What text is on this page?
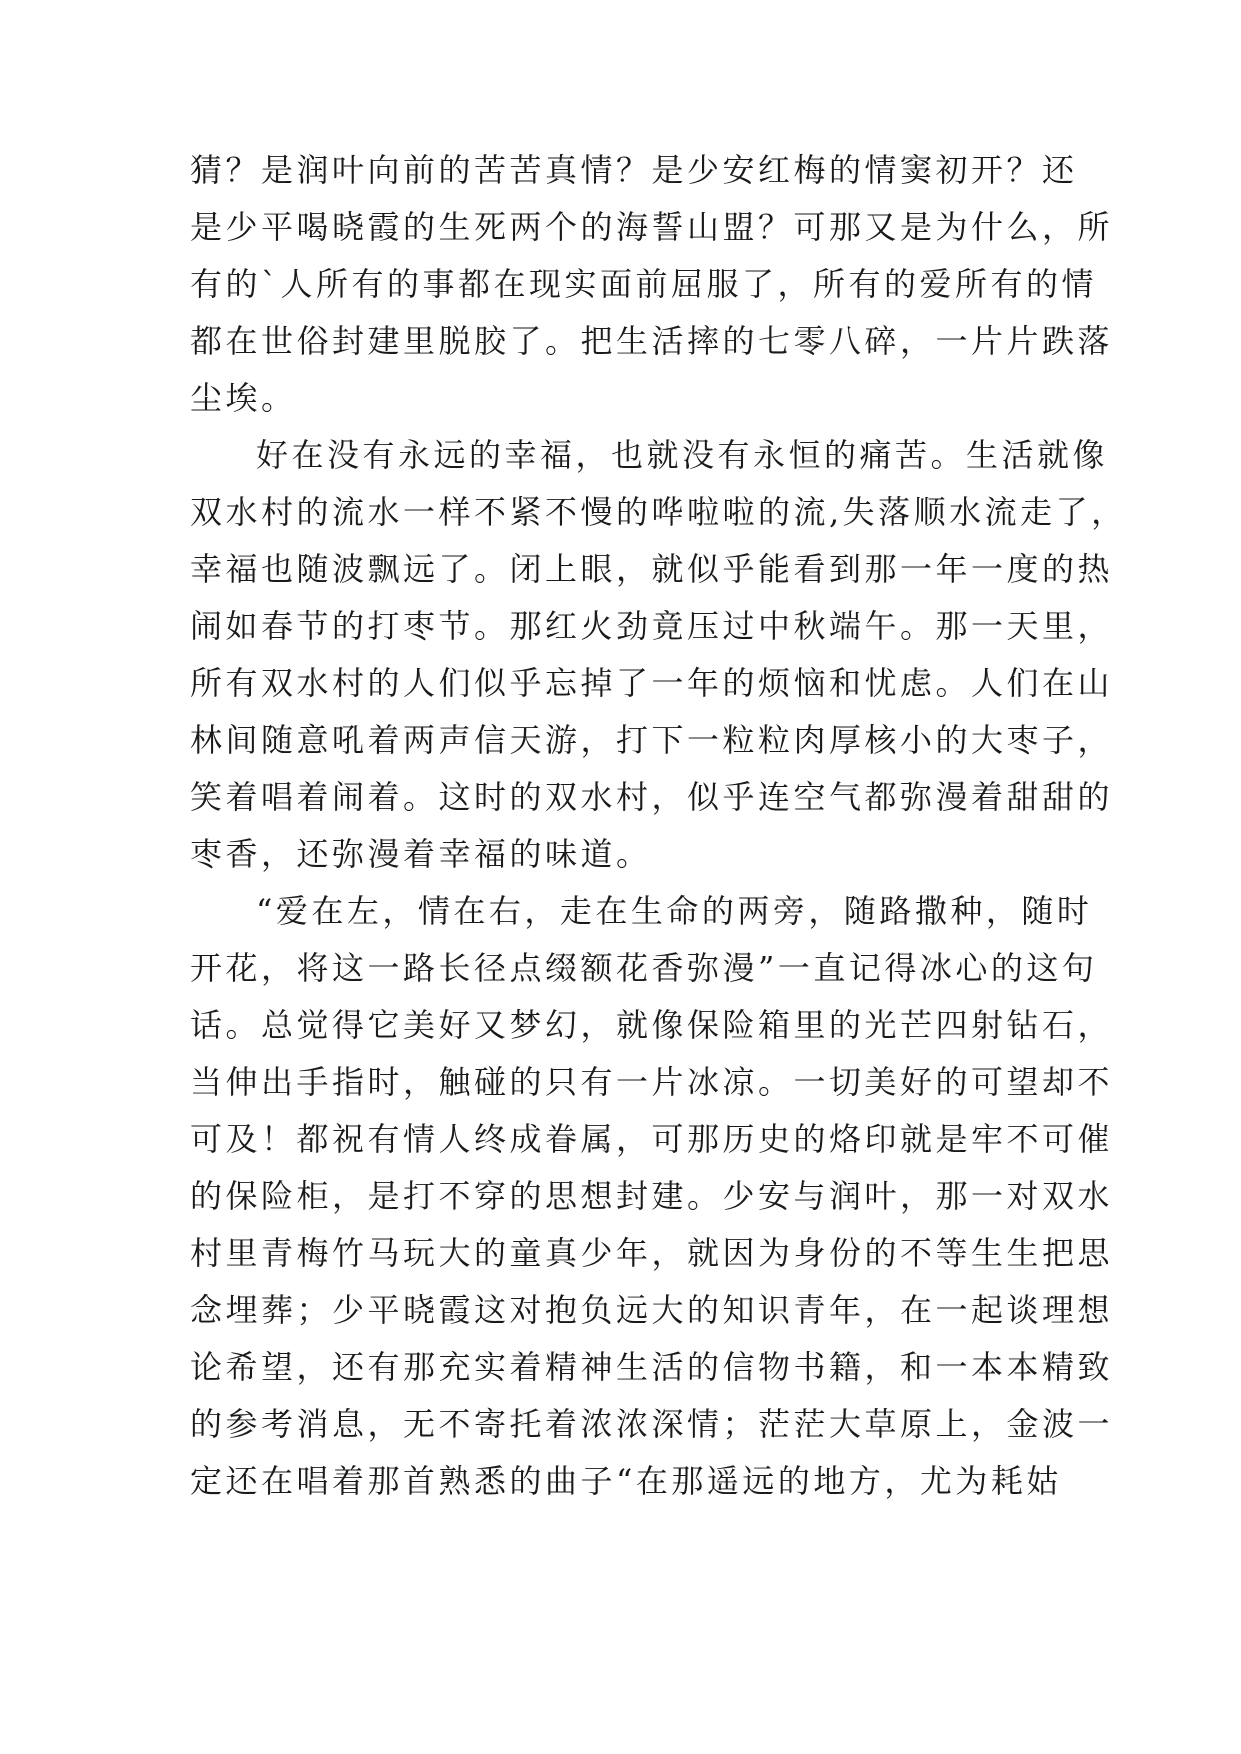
猜？是润叶向前的苦苦真情？是少安红梅的情窦初开？还
是少平喝晓霞的生死两个的海誓山盟？可那又是为什么，所
有的`人所有的事都在现实面前屈服了，所有的爱所有的情
都在世俗封建里脱胶了。把生活摔的七零八碎，一片片跌落
尘埃。
好在没有永远的幸福，也就没有永恒的痛苦。生活就像
双水村的流水一样不紧不慢的哗啦啦的流,失落顺水流走了，
幸福也随波飘远了。闭上眼，就似乎能看到那一年一度的热
闹如春节的打枣节。那红火劲竟压过中秋端午。那一天里，
所有双水村的人们似乎忘掉了一年的烦恼和忧虑。人们在山
林间随意吼着两声信天游，打下一粒粒肉厚核小的大枣子，
笑着唱着闹着。这时的双水村，似乎连空气都弥漫着甜甜的
枣香，还弥漫着幸福的味道。
“爱在左，情在右，走在生命的两旁，随路撒种，随时
开花，将这一路长径点缀额花香弥漫”一直记得冰心的这句
话。总觉得它美好又梦幻，就像保险箱里的光芒四射钻石，
当伸出手指时，触碰的只有一片冰凉。一切美好的可望却不
可及！都祝有情人终成眷属，可那历史的烙印就是牢不可催
的保险柜，是打不穿的思想封建。少安与润叶，那一对双水
村里青梅竹马玩大的童真少年，就因为身份的不等生生把思
念埋葬；少平晓霞这对抱负远大的知识青年，在一起谈理想
论希望，还有那充实着精神生活的信物书籍，和一本本精致
的参考消息，无不寄托着浓浓深情；茫茫大草原上，金波一
定还在唱着那首熟悉的曲子“在那遥远的地方，尤为耗姑
